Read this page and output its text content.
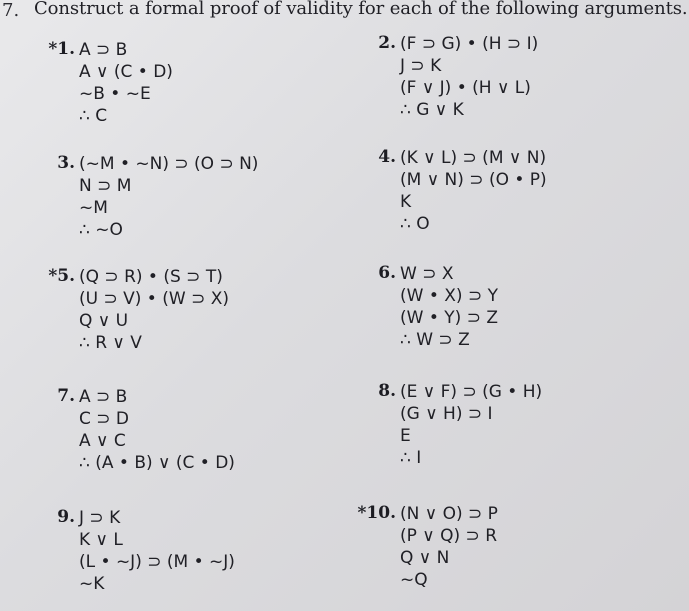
7. Construct a formal proof of validity for each of the following arguments.
*1. A ⊃ B
A ∨ (C • D)
~B • ~E
∴ C
2. (F ⊃ G) • (H ⊃ I)
J ⊃ K
(F ∨ J) • (H ∨ L)
∴ G ∨ K
3. (~M • ~N) ⊃ (O ⊃ N)
N ⊃ M
~M
∴ ~O
4. (K ∨ L) ⊃ (M ∨ N)
(M ∨ N) ⊃ (O • P)
K
∴ O
*5. (Q ⊃ R) • (S ⊃ T)
(U ⊃ V) • (W ⊃ X)
Q ∨ U
∴ R ∨ V
6. W ⊃ X
(W • X) ⊃ Y
(W • Y) ⊃ Z
∴ W ⊃ Z
7. A ⊃ B
C ⊃ D
A ∨ C
∴ (A • B) ∨ (C • D)
8. (E ∨ F) ⊃ (G • H)
(G ∨ H) ⊃ I
E
∴ I
9. J ⊃ K
K ∨ L
(L • ~J) ⊃ (M • ~J)
~K
*10. (N ∨ O) ⊃ P
(P ∨ Q) ⊃ R
Q ∨ N
~Q
